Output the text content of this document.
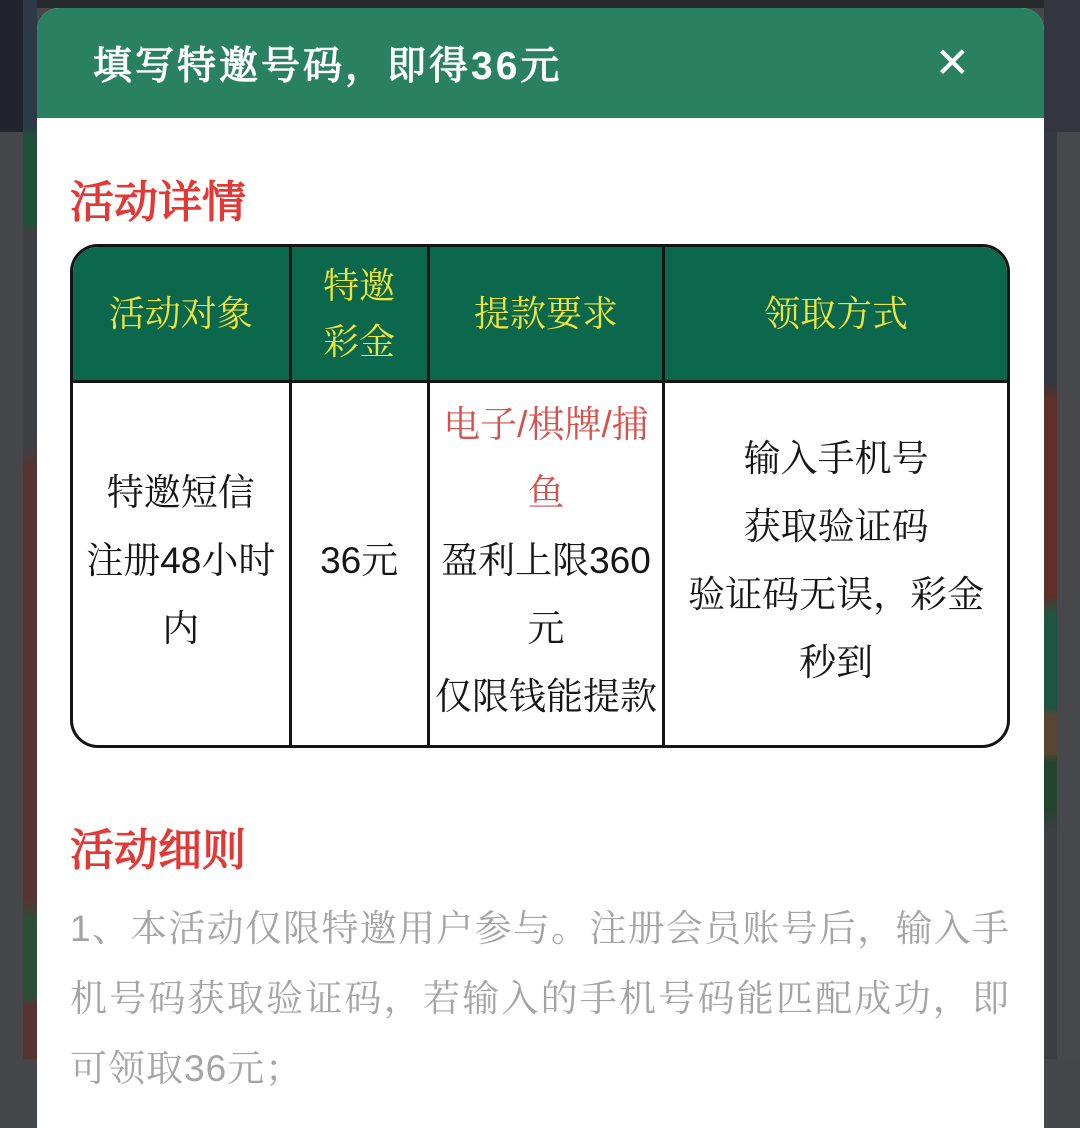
填写特邀号码，即得36元	✕
活动详情
活动对象
特邀彩金
提款要求	领取方式
特邀短信
注册48小时内
36元
电子/棋牌/捕鱼
盈利上限360元
仅限钱能提款
输入手机号
获取验证码
验证码无误，彩金秒到
活动细则

1、本活动仅限特邀用户参与。注册会员账号后，输入手机号码获取验证码，若输入的手机号码能匹配成功，即可领取36元；
